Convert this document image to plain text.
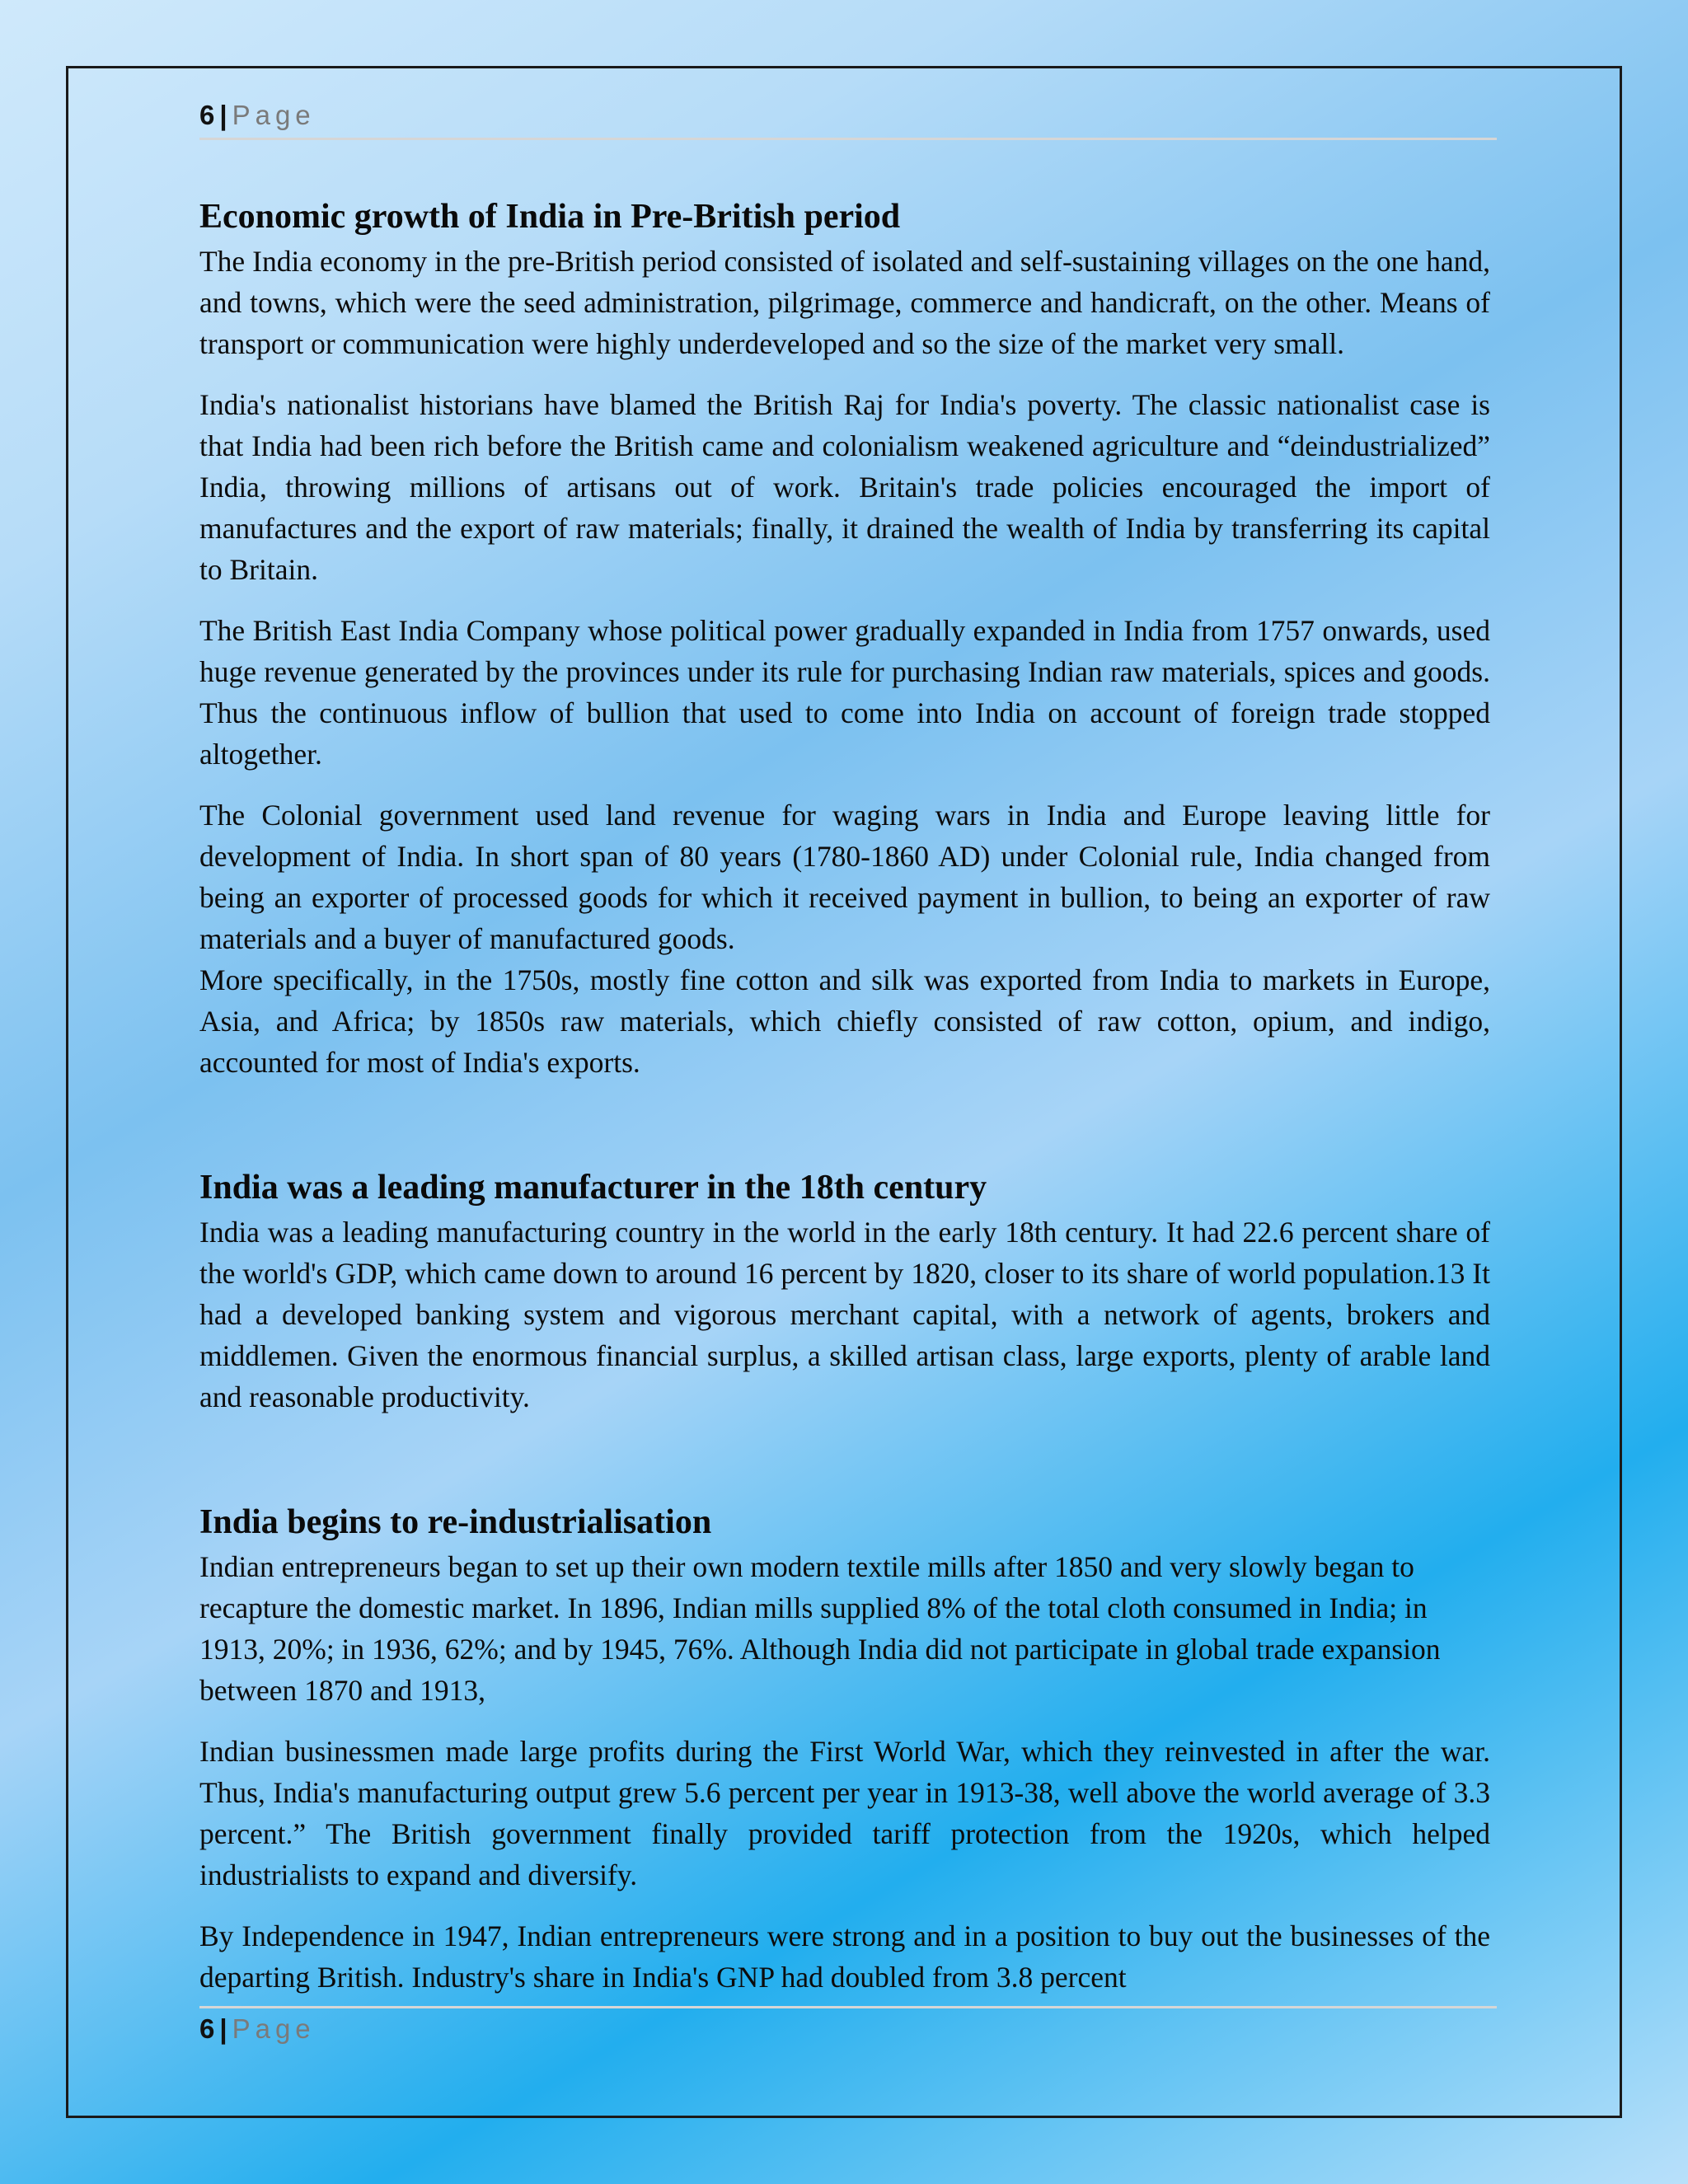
6 | Page
Economic growth of India in Pre-British period

The India economy in the pre-British period consisted of isolated and self-sustaining villages on the one hand, and towns, which were the seed administration, pilgrimage, commerce and handicraft, on the other. Means of transport or communication were highly underdeveloped and so the size of the market very small.

India's nationalist historians have blamed the British Raj for India's poverty. The classic nationalist case is that India had been rich before the British came and colonialism weakened agriculture and “deindustrialized” India, throwing millions of artisans out of work. Britain's trade policies encouraged the import of manufactures and the export of raw materials; finally, it drained the wealth of India by transferring its capital to Britain.

The British East India Company whose political power gradually expanded in India from 1757 onwards, used huge revenue generated by the provinces under its rule for purchasing Indian raw materials, spices and goods. Thus the continuous inflow of bullion that used to come into India on account of foreign trade stopped altogether.

The Colonial government used land revenue for waging wars in India and Europe leaving little for development of India. In short span of 80 years (1780-1860 AD) under Colonial rule, India changed from being an exporter of processed goods for which it received payment in bullion, to being an exporter of raw materials and a buyer of manufactured goods.

More specifically, in the 1750s, mostly fine cotton and silk was exported from India to markets in Europe, Asia, and Africa; by 1850s raw materials, which chiefly consisted of raw cotton, opium, and indigo, accounted for most of India's exports.

India was a leading manufacturer in the 18th century

India was a leading manufacturing country in the world in the early 18th century. It had 22.6 percent share of the world's GDP, which came down to around 16 percent by 1820, closer to its share of world population.13 It had a developed banking system and vigorous merchant capital, with a network of agents, brokers and middlemen. Given the enormous financial surplus, a skilled artisan class, large exports, plenty of arable land and reasonable productivity.

India begins to re-industrialisation

Indian entrepreneurs began to set up their own modern textile mills after 1850 and very slowly began to recapture the domestic market. In 1896, Indian mills supplied 8% of the total cloth consumed in India; in 1913, 20%; in 1936, 62%; and by 1945, 76%. Although India did not participate in global trade expansion between 1870 and 1913,

Indian businessmen made large profits during the First World War, which they reinvested in after the war. Thus, India's manufacturing output grew 5.6 percent per year in 1913-38, well above the world average of 3.3 percent.” The British government finally provided tariff protection from the 1920s, which helped industrialists to expand and diversify.

By Independence in 1947, Indian entrepreneurs were strong and in a position to buy out the businesses of the departing British. Industry's share in India's GNP had doubled from 3.8 percent

6 | Page
